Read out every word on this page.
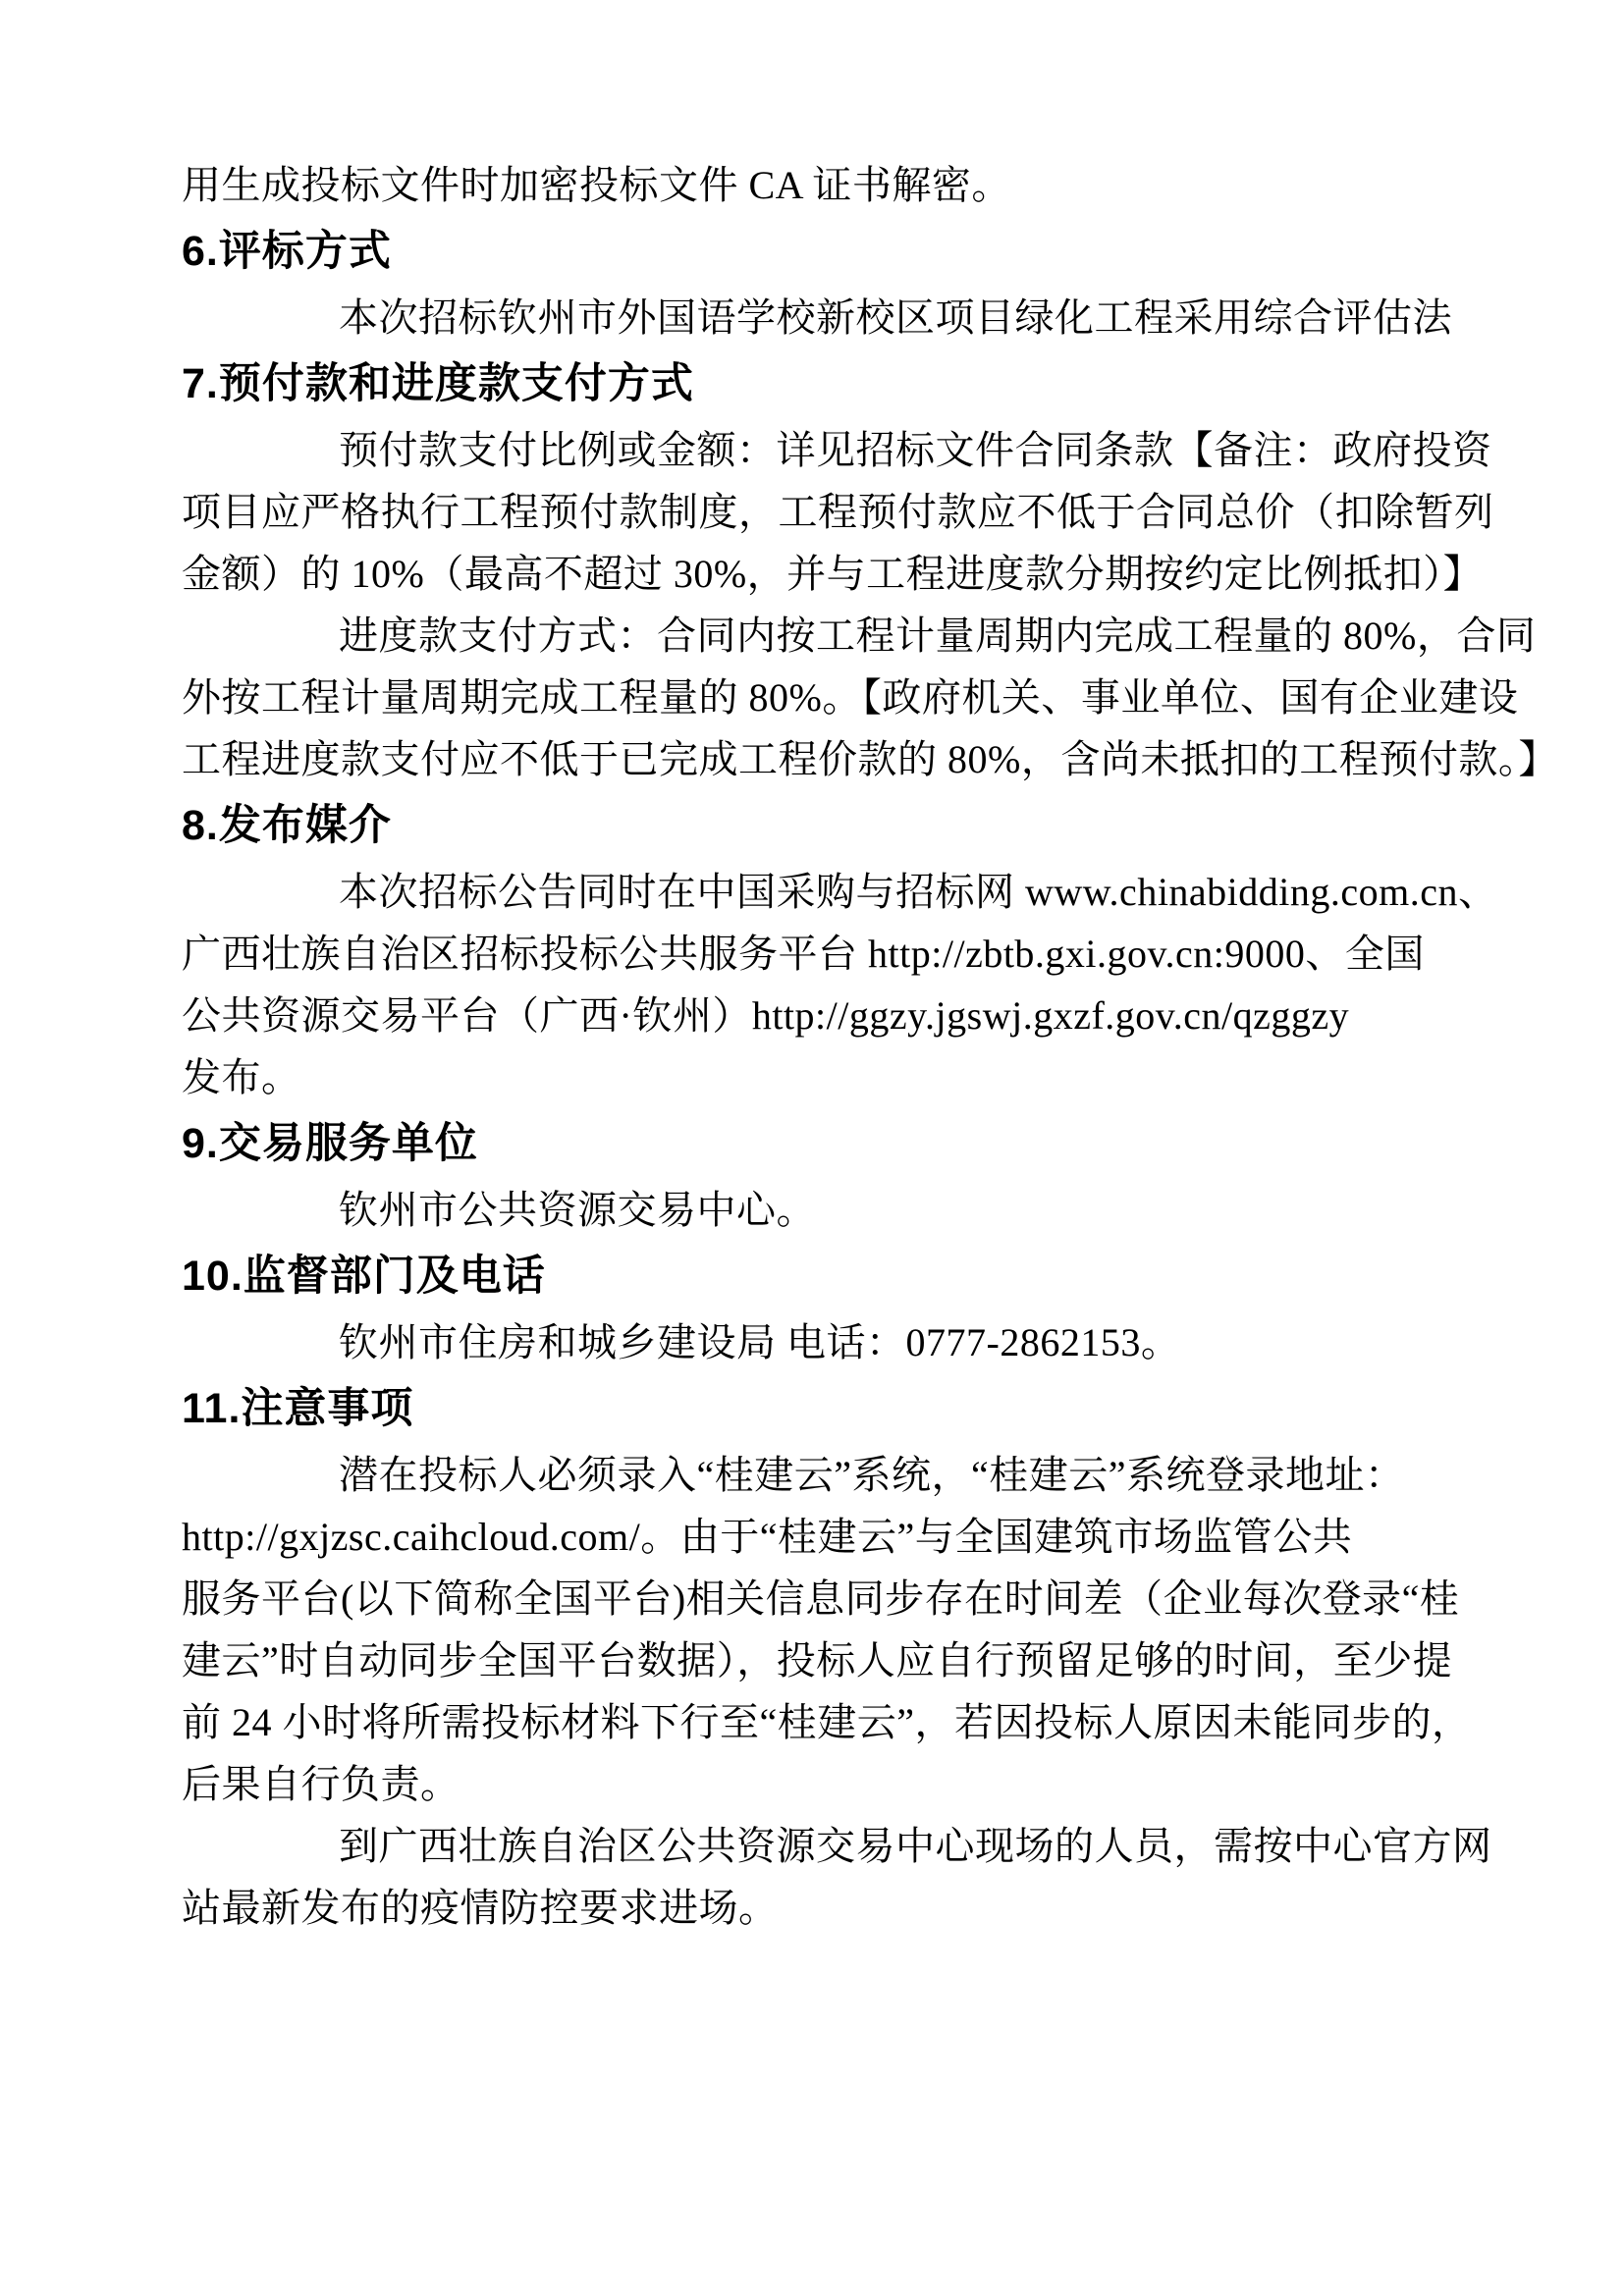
用生成投标文件时加密投标文件 CA 证书解密。
6.评标方式
本次招标钦州市外国语学校新校区项目绿化工程采用综合评估法
7.预付款和进度款支付方式
预付款支付比例或金额：详见招标文件合同条款【备注：政府投资
项目应严格执行工程预付款制度，工程预付款应不低于合同总价（扣除暂列
金额）的 10%（最高不超过 30%，并与工程进度款分期按约定比例抵扣）】
进度款支付方式：合同内按工程计量周期内完成工程量的 80%，合同
外按工程计量周期完成工程量的 80%。【政府机关、事业单位、国有企业建设
工程进度款支付应不低于已完成工程价款的 80%，含尚未抵扣的工程预付款。】
8.发布媒介
本次招标公告同时在中国采购与招标网 www.chinabidding.com.cn、
广西壮族自治区招标投标公共服务平台 http://zbtb.gxi.gov.cn:9000、全国
公共资源交易平台（广西·钦州）http://ggzy.jgswj.gxzf.gov.cn/qzggzy
发布。
9.交易服务单位
钦州市公共资源交易中心。
10.监督部门及电话
钦州市住房和城乡建设局 电话：0777-2862153。
11.注意事项
潜在投标人必须录入“桂建云”系统，“桂建云”系统登录地址：
http://gxjzsc.caihcloud.com/。由于“桂建云”与全国建筑市场监管公共
服务平台(以下简称全国平台)相关信息同步存在时间差（企业每次登录“桂
建云”时自动同步全国平台数据），投标人应自行预留足够的时间，至少提
前 24 小时将所需投标材料下行至“桂建云”，若因投标人原因未能同步的，
后果自行负责。
到广西壮族自治区公共资源交易中心现场的人员，需按中心官方网
站最新发布的疫情防控要求进场。
